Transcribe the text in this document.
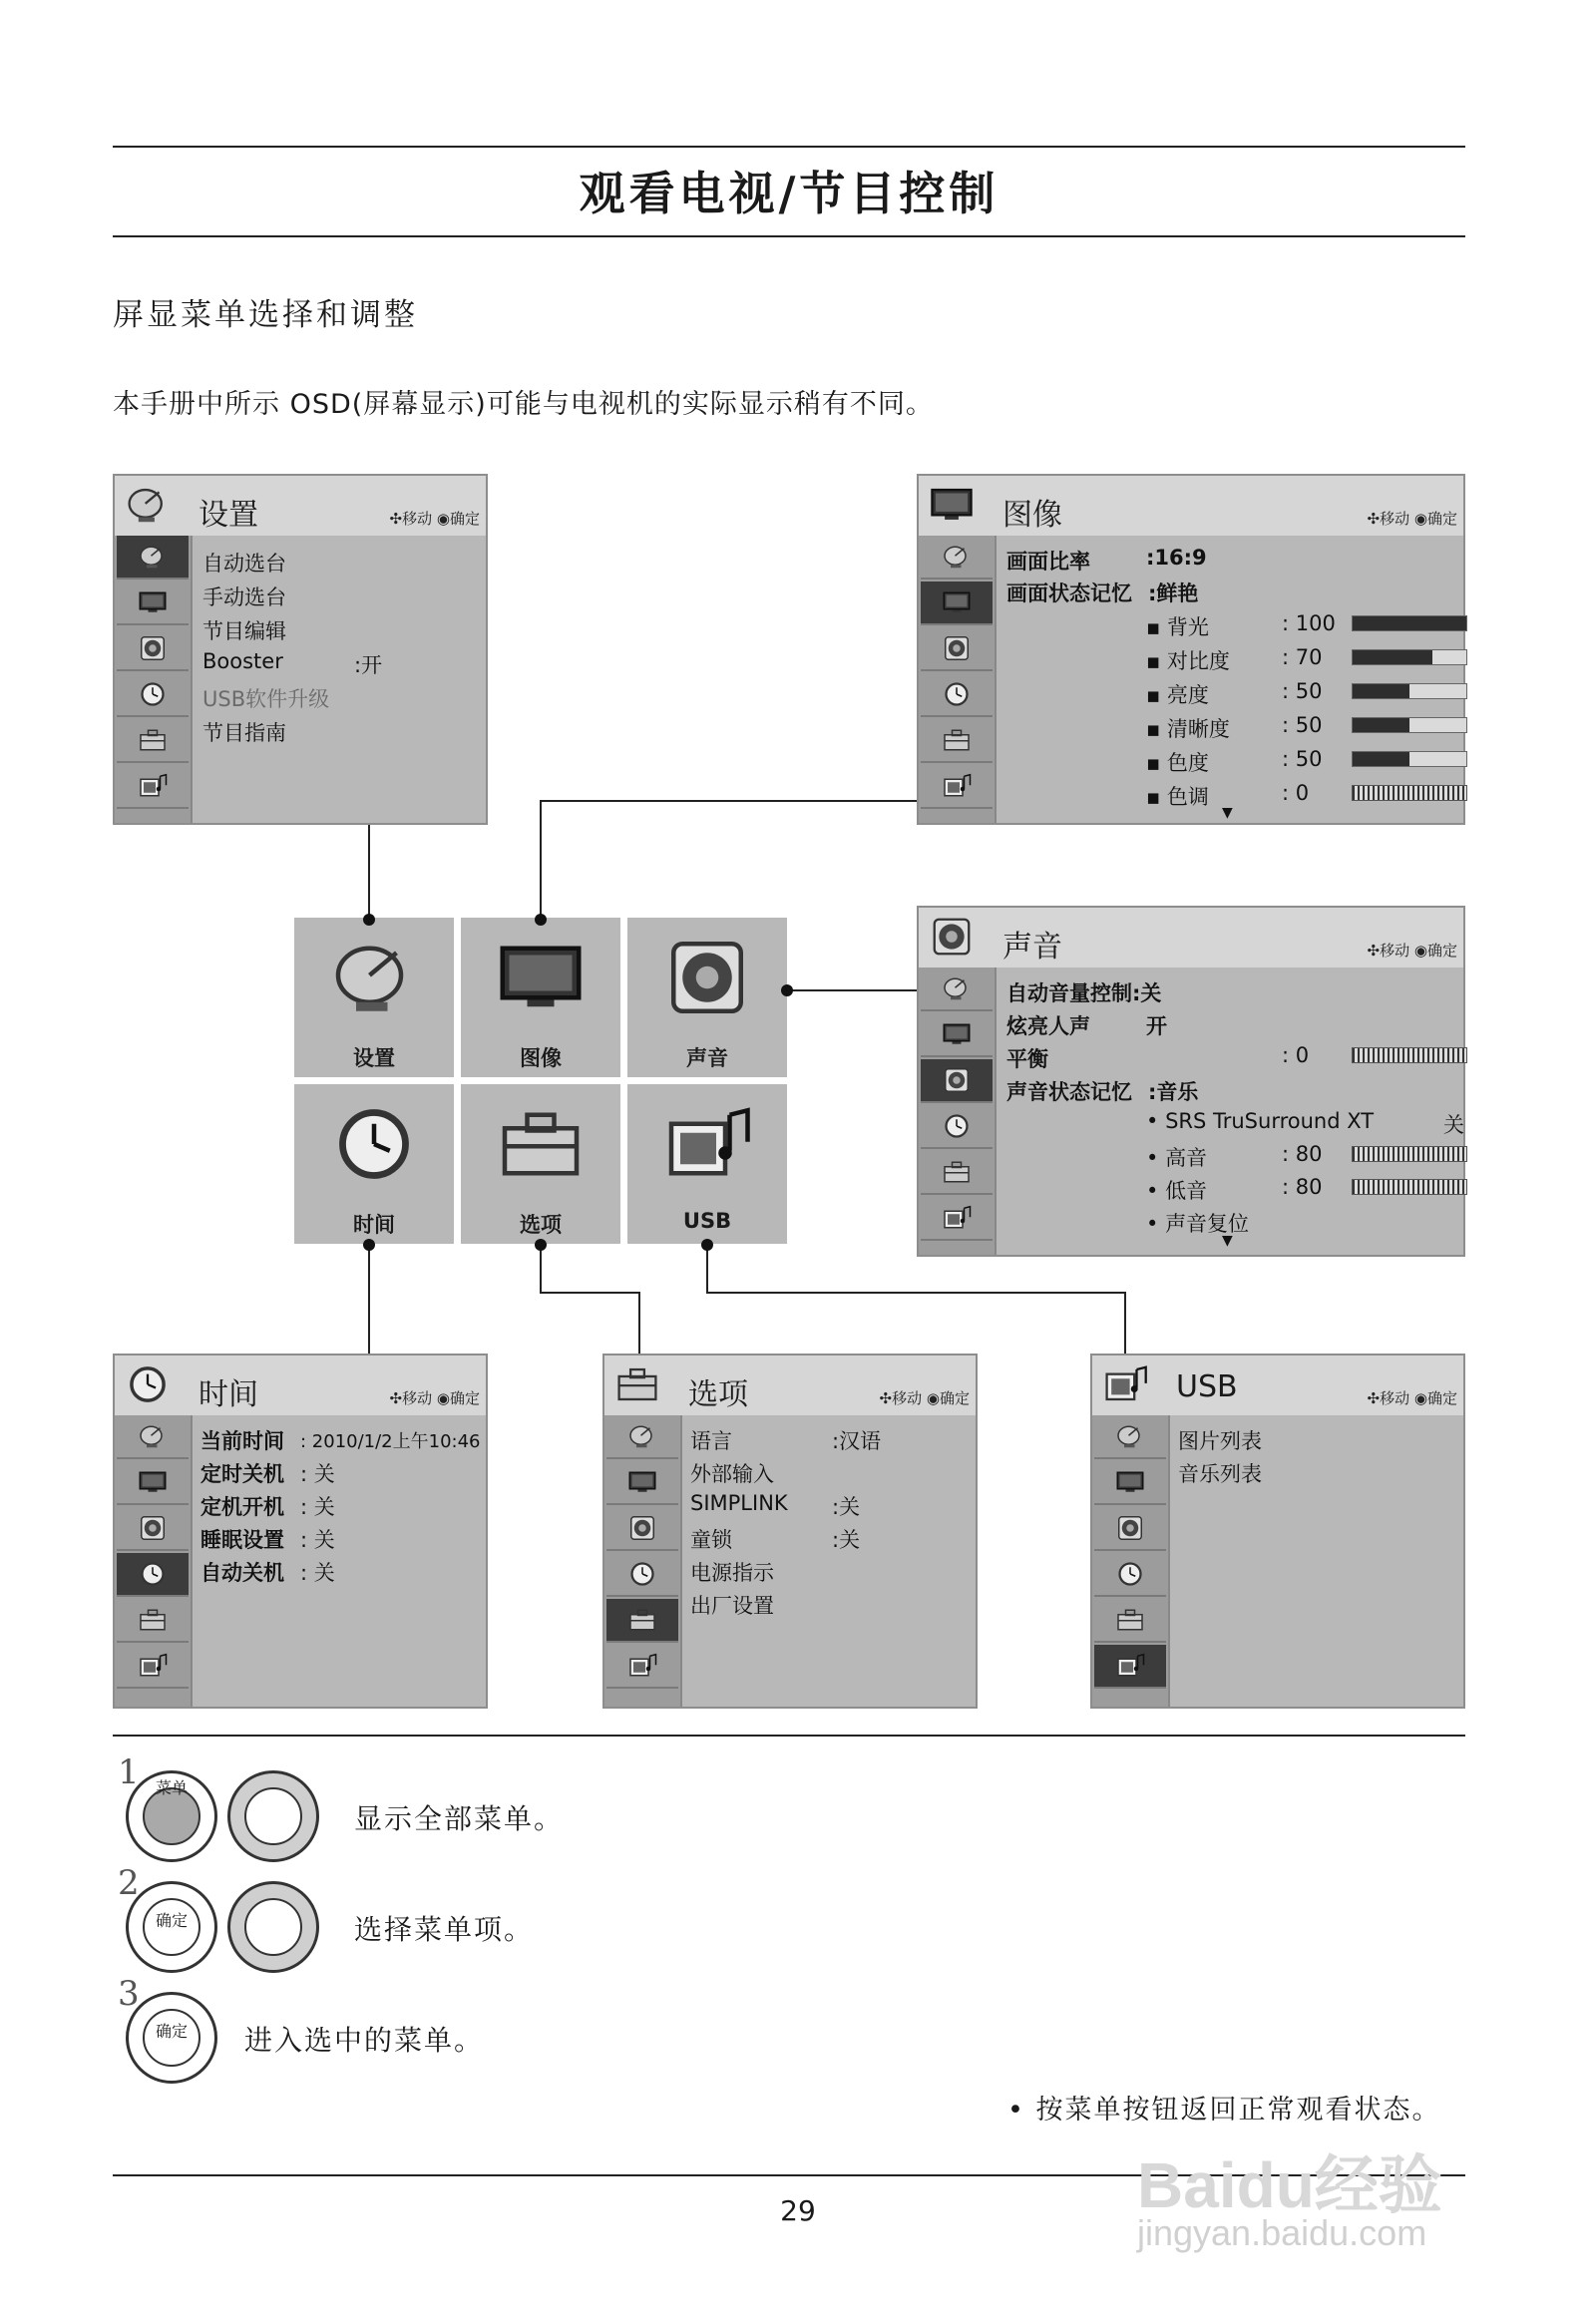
观看电视/节目控制
屏显菜单选择和调整
本手册中所示 OSD(屏幕显示)可能与电视机的实际显示稍有不同。
设置	✣移动 ◉确定
自动选台
手动选台
节目编辑
Booster	:开
USB软件升级
节目指南
图像	✣移动 ◉确定
画面比率	:16:9
画面状态记忆 :鲜艳
▪ 背光	: 100
▪ 对比度 : 70
▪ 亮度	: 50
▪ 清晰度 : 50
▪ 色度	: 50
▪ 色调	: 0
▼
声音	✣移动 ◉确定
自动音量控制:关
炫亮人声	开
平衡	: 0
声音状态记忆 :音乐
• SRS TruSurround XT	关
• 高音	: 80
• 低音	: 80
• 声音复位
▼
设置	图像	声音
时间	选项	USB
时间	✣移动 ◉确定
当前时间 : 2010/1/2上午10:46
定时关机 : 关
定机开机 : 关
睡眠设置 : 关
自动关机 : 关
选项	✣移动 ◉确定
语言	:汉语
外部输入
SIMPLINK :关
童锁	:关
电源指示
出厂设置
USB	✣移动 ◉确定
图片列表
音乐列表
1	菜单
显示全部菜单。
2
确定	选择菜单项。
3
确定	进入选中的菜单。
• 按菜单按钮返回正常观看状态。
29	Baidu经验
jingyan.baidu.com
